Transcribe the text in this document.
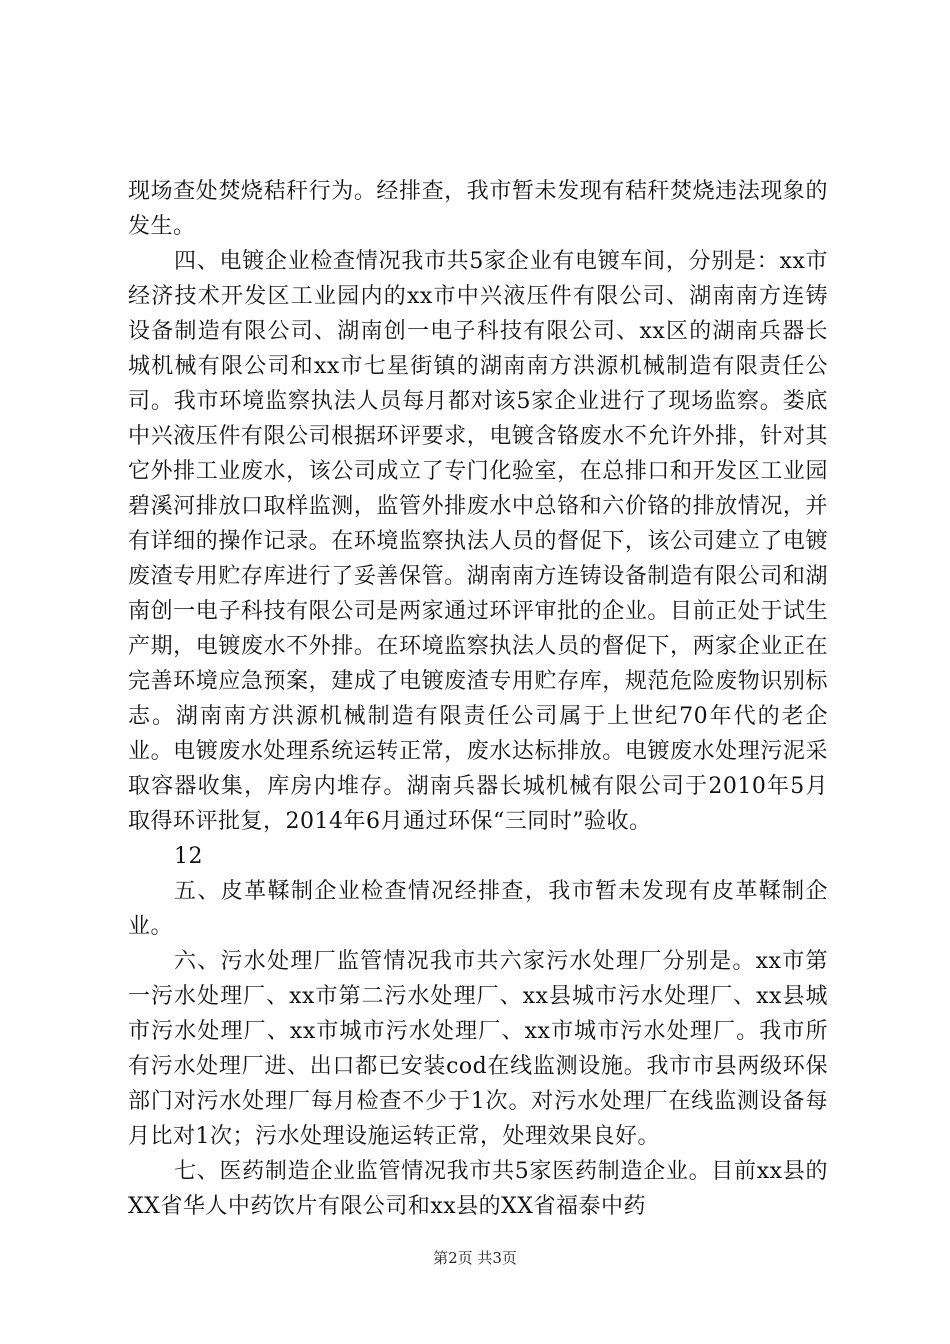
现场查处焚烧秸秆行为。经排查，我市暂未发现有秸秆焚烧违法现象的发生。

四、电镀企业检查情况我市共5家企业有电镀车间，分别是：xx市经济技术开发区工业园内的xx市中兴液压件有限公司、湖南南方连铸设备制造有限公司、湖南创一电子科技有限公司、xx区的湖南兵器长城机械有限公司和xx市七星街镇的湖南南方洪源机械制造有限责任公司。我市环境监察执法人员每月都对该5家企业进行了现场监察。娄底中兴液压件有限公司根据环评要求，电镀含铬废水不允许外排，针对其它外排工业废水，该公司成立了专门化验室，在总排口和开发区工业园碧溪河排放口取样监测，监管外排废水中总铬和六价铬的排放情况，并有详细的操作记录。在环境监察执法人员的督促下，该公司建立了电镀废渣专用贮存库进行了妥善保管。湖南南方连铸设备制造有限公司和湖南创一电子科技有限公司是两家通过环评审批的企业。目前正处于试生产期，电镀废水不外排。在环境监察执法人员的督促下，两家企业正在完善环境应急预案，建成了电镀废渣专用贮存库，规范危险废物识别标志。湖南南方洪源机械制造有限责任公司属于上世纪70年代的老企业。电镀废水处理系统运转正常，废水达标排放。电镀废水处理污泥采取容器收集，库房内堆存。湖南兵器长城机械有限公司于2010年5月取得环评批复，2014年6月通过环保“三同时”验收。

12

五、皮革鞣制企业检查情况经排查，我市暂未发现有皮革鞣制企业。

六、污水处理厂监管情况我市共六家污水处理厂分别是。xx市第一污水处理厂、xx市第二污水处理厂、xx县城市污水处理厂、xx县城市污水处理厂、xx市城市污水处理厂、xx市城市污水处理厂。我市所有污水处理厂进、出口都已安装cod在线监测设施。我市市县两级环保部门对污水处理厂每月检查不少于1次。对污水处理厂在线监测设备每月比对1次；污水处理设施运转正常，处理效果良好。

七、医药制造企业监管情况我市共5家医药制造企业。目前xx县的XX省华人中药饮片有限公司和xx县的XX省福泰中药

第2页 共3页
